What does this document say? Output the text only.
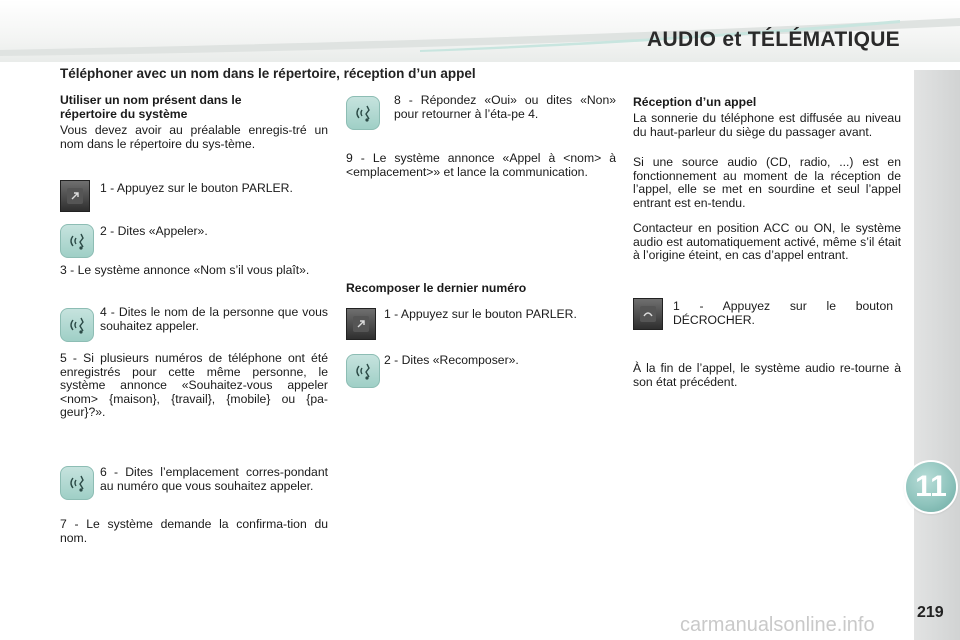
AUDIO et TÉLÉMATIQUE
11
219
carmanualsonline.info
Téléphoner avec un nom dans le répertoire, réception d’un appel
Utiliser un nom présent dans le répertoire du système

Vous devez avoir au préalable enregis-tré un nom dans le répertoire du sys-tème.

1 - Appuyez sur le bouton PARLER.
2 - Dites «Appeler».
3 - Le système annonce «Nom s’il vous plaît».
4 - Dites le nom de la personne que vous souhaitez appeler.
5 - Si plusieurs numéros de téléphone ont été enregistrés pour cette même personne, le système annonce «Souhaitez-vous appeler <nom> {maison}, {travail}, {mobile} ou {pa-geur}?».
6 - Dites l’emplacement corres-pondant au numéro que vous souhaitez appeler.
7 - Le système demande la confirma-tion du nom.
8 - Répondez «Oui» ou dites «Non» pour retourner à l’éta-pe 4.
9 - Le système annonce «Appel à <nom> à <emplacement>» et lance la communication.
Recomposer le dernier numéro
1 - Appuyez sur le bouton PARLER.
2 - Dites «Recomposer».
Réception d’un appel

La sonnerie du téléphone est diffusée au niveau du haut-parleur du siège du passager avant.

Si une source audio (CD, radio, ...) est en fonctionnement au moment de la réception de l’appel, elle se met en sourdine et seul l’appel entrant est en-tendu.

Contacteur en position ACC ou ON, le système audio est automatiquement activé, même s’il était à l’origine éteint, en cas d’appel entrant.

1 - Appuyez sur le bouton DÉCROCHER.

À la fin de l’appel, le système audio re-tourne à son état précédent.
